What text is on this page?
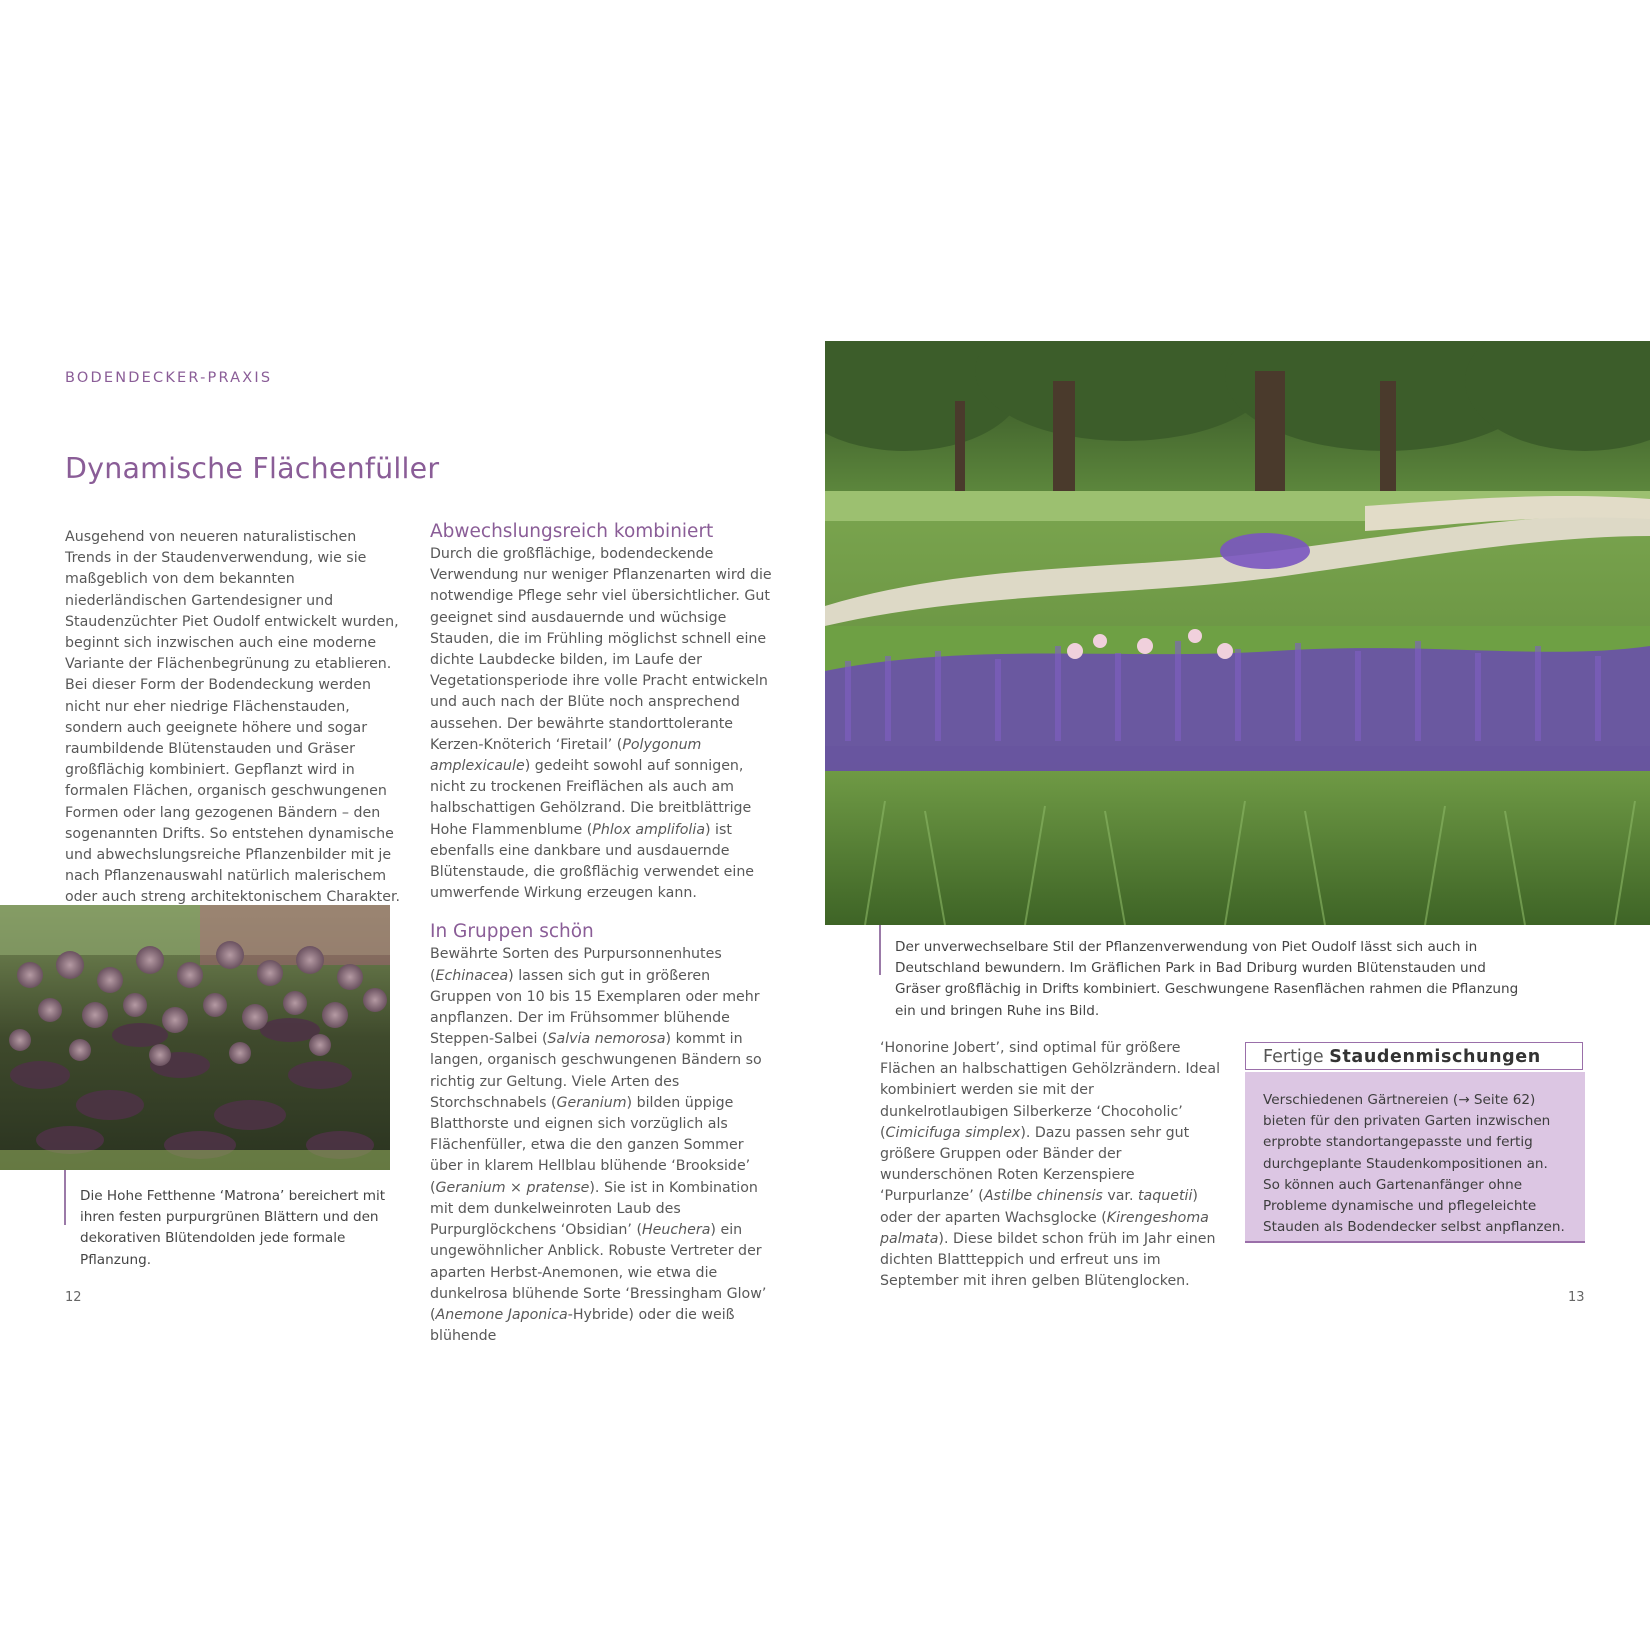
BODENDECKER-PRAXIS
Dynamische Flächenfüller

Ausgehend von neueren naturalistischen Trends in der Staudenverwendung, wie sie maßgeblich von dem bekannten niederländischen Gartendesigner und Staudenzüchter Piet Oudolf entwickelt wurden, beginnt sich inzwischen auch eine moderne Variante der Flächenbegrünung zu etablieren. Bei dieser Form der Bodendeckung werden nicht nur eher niedrige Flächenstauden, sondern auch geeignete höhere und sogar raumbildende Blütenstauden und Gräser großflächig kombiniert. Gepflanzt wird in formalen Flächen, organisch geschwungenen Formen oder lang gezogenen Bändern – den sogenannten Drifts. So entstehen dynamische und abwechslungsreiche Pflanzenbilder mit je nach Pflanzenauswahl natürlich malerischem oder auch streng architektonischem Charakter.

Abwechslungsreich kombiniert

Durch die großflächige, bodendeckende Verwendung nur weniger Pflanzenarten wird die notwendige Pflege sehr viel übersichtlicher. Gut geeignet sind ausdauernde und wüchsige Stauden, die im Frühling möglichst schnell eine dichte Laubdecke bilden, im Laufe der Vegetationsperiode ihre volle Pracht entwickeln und auch nach der Blüte noch ansprechend aussehen. Der bewährte standorttolerante Kerzen-Knöterich ‘Firetail’ (Polygonum amplexicaule) gedeiht sowohl auf sonnigen, nicht zu trockenen Freiflächen als auch am halbschattigen Gehölzrand. Die breitblättrige Hohe Flammenblume (Phlox amplifolia) ist ebenfalls eine dankbare und ausdauernde Blütenstaude, die großflächig verwendet eine umwerfende Wirkung erzeugen kann.

In Gruppen schön

Bewährte Sorten des Purpursonnenhutes (Echinacea) lassen sich gut in größeren Gruppen von 10 bis 15 Exemplaren oder mehr anpflanzen. Der im Frühsommer blühende Steppen-Salbei (Salvia nemorosa) kommt in langen, organisch geschwungenen Bändern so richtig zur Geltung. Viele Arten des Storchschnabels (Geranium) bilden üppige Blatthorste und eignen sich vorzüglich als Flächenfüller, etwa die den ganzen Sommer über in klarem Hellblau blühende ‘Brookside’ (Geranium × pratense). Sie ist in Kombination mit dem dunkelweinroten Laub des Purpurglöckchens ‘Obsidian’ (Heuchera) ein ungewöhnlicher Anblick. Robuste Vertreter der aparten Herbst-Anemonen, wie etwa die dunkelrosa blühende Sorte ‘Bressingham Glow’ (Anemone Japonica-Hybride) oder die weiß blühende

‘Honorine Jobert’, sind optimal für größere Flächen an halbschattigen Gehölzrändern. Ideal kombiniert werden sie mit der dunkelrotlaubigen Silberkerze ‘Chocoholic’ (Cimicifuga simplex). Dazu passen sehr gut größere Gruppen oder Bänder der wunderschönen Roten Kerzenspiere ‘Purpurlanze’ (Astilbe chinensis var. taquetii) oder der aparten Wachsglocke (Kirengeshoma palmata). Diese bildet schon früh im Jahr einen dichten Blattteppich und erfreut uns im September mit ihren gelben Blütenglocken.

Die Hohe Fetthenne ‘Matrona’ bereichert mit ihren festen purpurgrünen Blättern und den dekorativen Blütendolden jede formale Pflanzung.
Der unverwechselbare Stil der Pflanzenverwendung von Piet Oudolf lässt sich auch in Deutschland bewundern. Im Gräflichen Park in Bad Driburg wurden Blütenstauden und Gräser großflächig in Drifts kombiniert. Geschwungene Rasenflächen rahmen die Pflanzung ein und bringen Ruhe ins Bild.
Fertige Staudenmischungen
Verschiedenen Gärtnereien (→ Seite 62) bieten für den privaten Garten inzwischen erprobte standortangepasste und fertig durchgeplante Staudenkompositionen an. So können auch Gartenanfänger ohne Probleme dynamische und pflegeleichte Stauden als Bodendecker selbst anpflanzen.
12	13
